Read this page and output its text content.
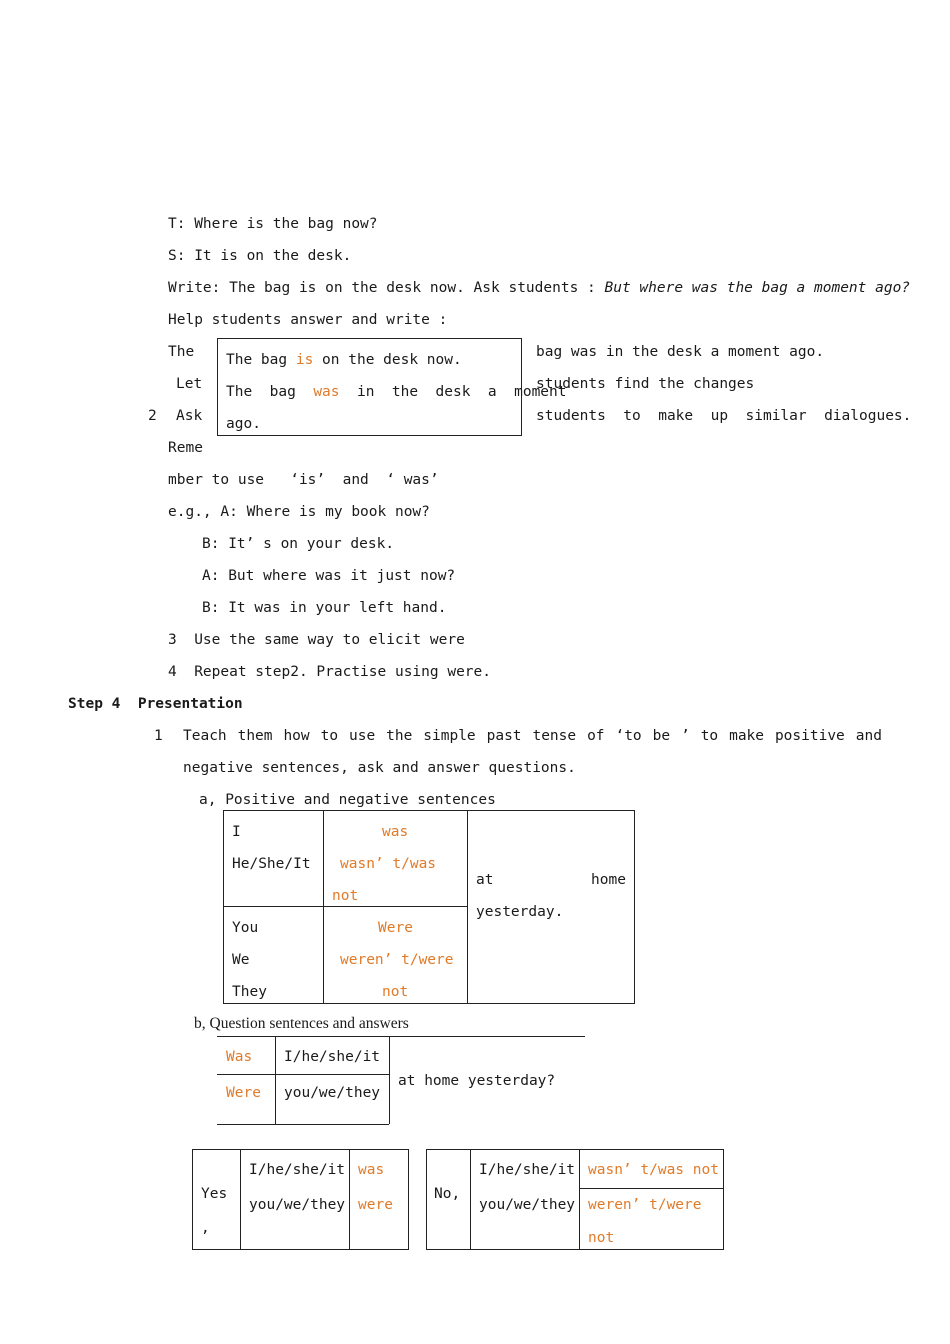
T: Where is the bag now?
S: It is on the desk.
Write: The bag is on the desk now. Ask students : But where was the bag a moment ago?
Help students answer and write :
The bag is on the desk now.
The  bag  was  in  the  desk  a  moment
ago.
The
Let
2 Ask
Reme
bag was in the desk a moment ago.
students find the changes
students  to  make  up  similar  dialogues.
mber to use   ‘is’  and  ‘ was’
e.g., A: Where is my book now?
B: It’ s on your desk.
A: But where was it just now?
B: It was in your left hand.
3  Use the same way to elicit were
4  Repeat step2. Practise using were.
Step 4  Presentation
1 Teach them how to use the simple past tense of ‘to be ’ to make positive and
negative sentences, ask and answer questions.
a, Positive and negative sentences
I
He/She/It
was
wasn’ t/was
not
You
We
They
Were
weren’ t/were
not
at	home
yesterday.
b, Question sentences and answers
Was I/he/she/it
Were you/we/they
at home yesterday?
Yes
,
I/he/she/it was
you/we/they were
No,
I/he/she/it wasn’ t/was not
you/we/they weren’ t/were
not
